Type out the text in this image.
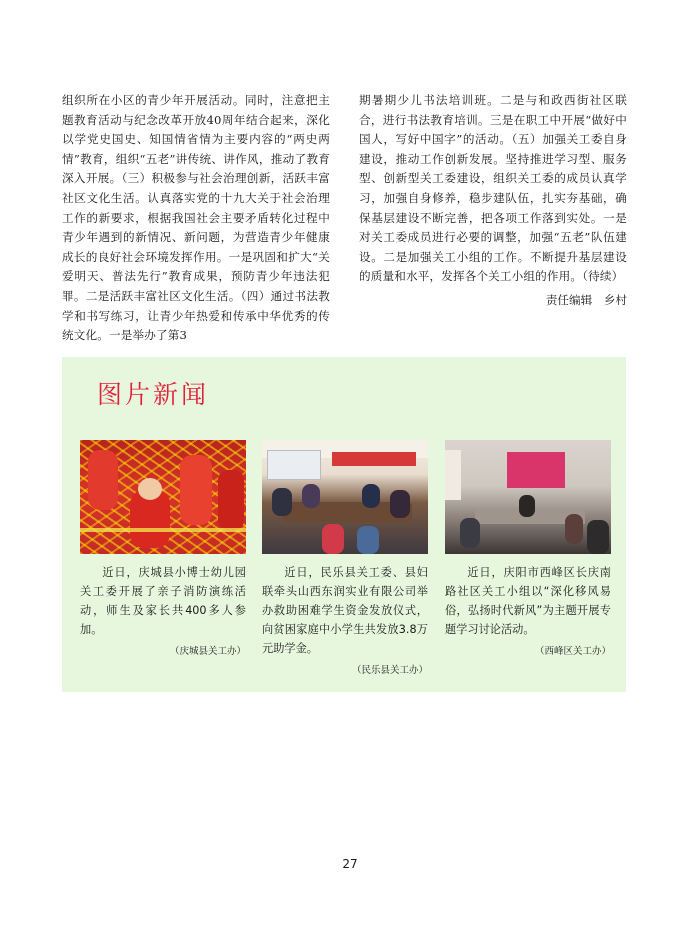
组织所在小区的青少年开展活动。同时，注意把主题教育活动与纪念改革开放40周年结合起来，深化以学党史国史、知国情省情为主要内容的“两史两情”教育，组织“五老”讲传统、讲作风，推动了教育深入开展。（三）积极参与社会治理创新，活跃丰富社区文化生活。认真落实党的十九大关于社会治理工作的新要求，根据我国社会主要矛盾转化过程中青少年遇到的新情况、新问题，为营造青少年健康成长的良好社会环境发挥作用。一是巩固和扩大“关爱明天、普法先行”教育成果，预防青少年违法犯罪。二是活跃丰富社区文化生活。（四）通过书法教学和书写练习，让青少年热爱和传承中华优秀的传统文化。一是举办了第3

期暑期少儿书法培训班。二是与和政西街社区联合，进行书法教育培训。三是在职工中开展“做好中国人，写好中国字”的活动。（五）加强关工委自身建设，推动工作创新发展。坚持推进学习型、服务型、创新型关工委建设，组织关工委的成员认真学习，加强自身修养，稳步建队伍，扎实夯基础，确保基层建设不断完善，把各项工作落到实处。一是对关工委成员进行必要的调整，加强“五老”队伍建设。二是加强关工小组的工作。不断提升基层建设的质量和水平，发挥各个关工小组的作用。（待续）

责任编辑　乡村
图片新闻

近日，庆城县小博士幼儿园关工委开展了亲子消防演练活动，师生及家长共400多人参加。

（庆城县关工办）

近日，民乐县关工委、县妇联牵头山西东润实业有限公司举办救助困难学生资金发放仪式，向贫困家庭中小学生共发放3.8万元助学金。

（民乐县关工办）

近日，庆阳市西峰区长庆南路社区关工小组以“深化移风易俗，弘扬时代新风”为主题开展专题学习讨论活动。

（西峰区关工办）
27
